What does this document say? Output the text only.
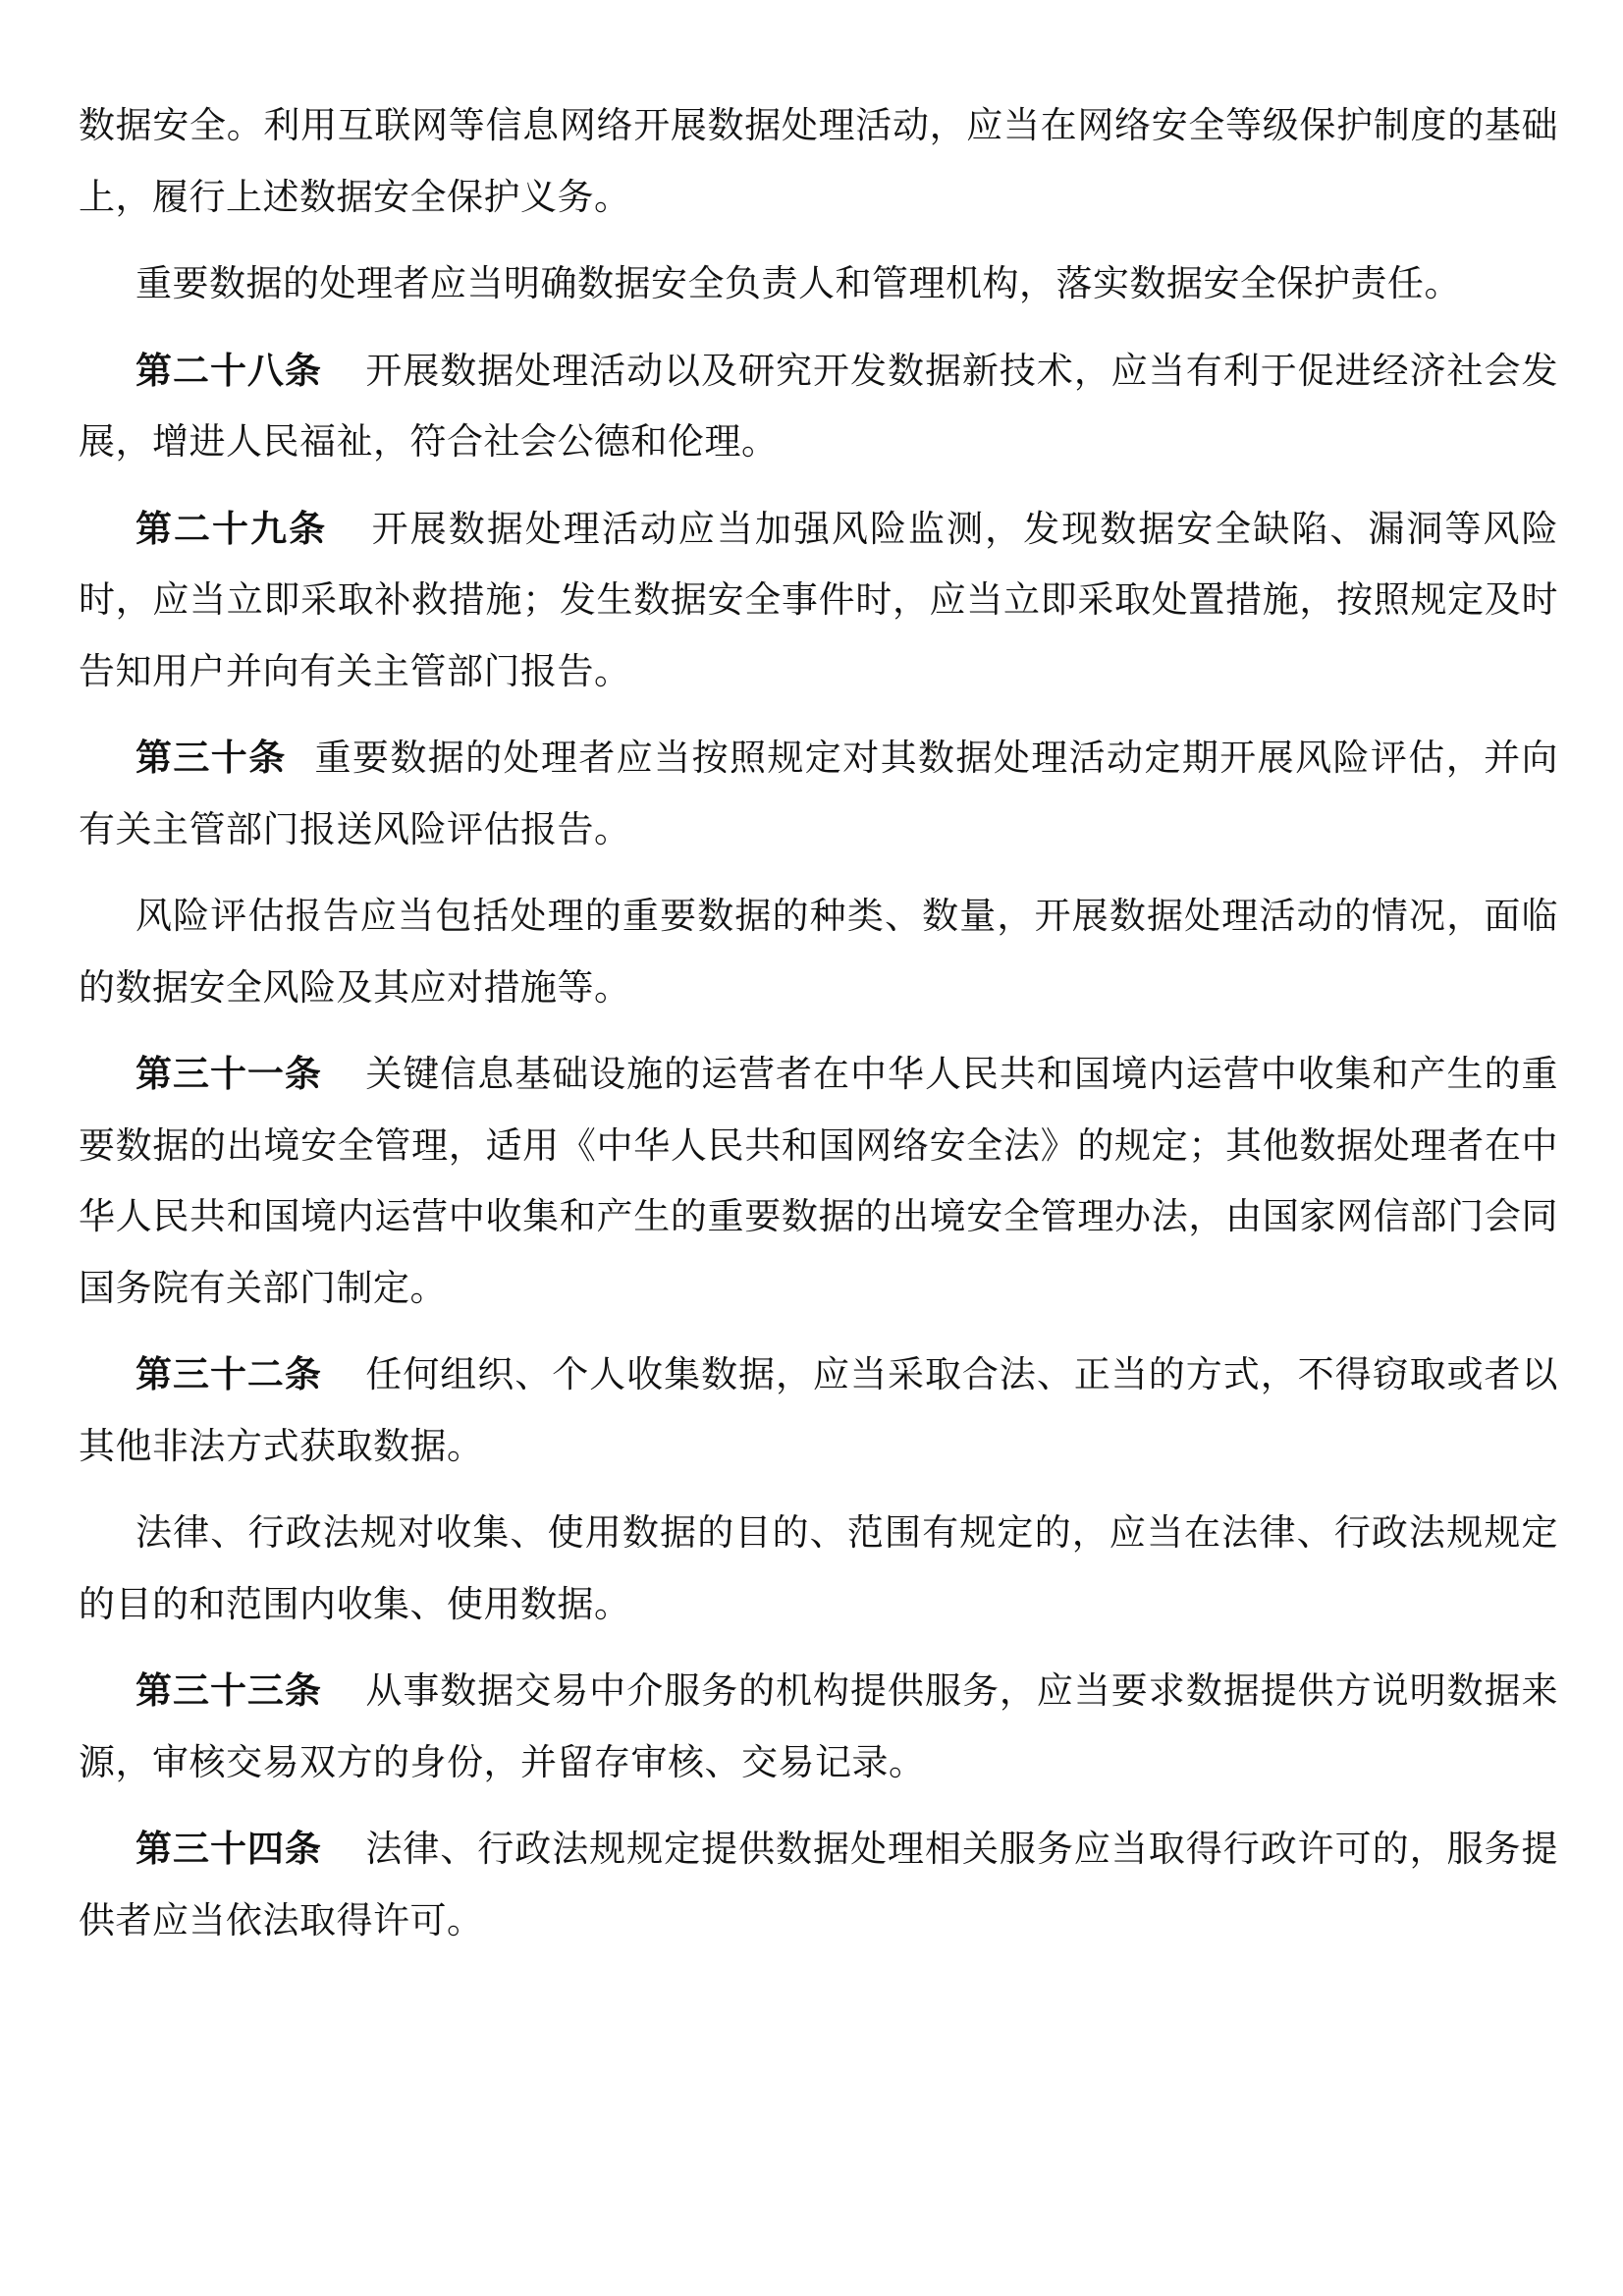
数据安全。利用互联网等信息网络开展数据处理活动，应当在网络安全等级保护制度的基础上，履行上述数据安全保护义务。

重要数据的处理者应当明确数据安全负责人和管理机构，落实数据安全保护责任。

第二十八条 开展数据处理活动以及研究开发数据新技术，应当有利于促进经济社会发展，增进人民福祉，符合社会公德和伦理。

第二十九条 开展数据处理活动应当加强风险监测，发现数据安全缺陷、漏洞等风险时，应当立即采取补救措施；发生数据安全事件时，应当立即采取处置措施，按照规定及时告知用户并向有关主管部门报告。

第三十条 重要数据的处理者应当按照规定对其数据处理活动定期开展风险评估，并向有关主管部门报送风险评估报告。

风险评估报告应当包括处理的重要数据的种类、数量，开展数据处理活动的情况，面临的数据安全风险及其应对措施等。

第三十一条 关键信息基础设施的运营者在中华人民共和国境内运营中收集和产生的重要数据的出境安全管理，适用《中华人民共和国网络安全法》的规定；其他数据处理者在中华人民共和国境内运营中收集和产生的重要数据的出境安全管理办法，由国家网信部门会同国务院有关部门制定。

第三十二条 任何组织、个人收集数据，应当采取合法、正当的方式，不得窃取或者以其他非法方式获取数据。

法律、行政法规对收集、使用数据的目的、范围有规定的，应当在法律、行政法规规定的目的和范围内收集、使用数据。

第三十三条 从事数据交易中介服务的机构提供服务，应当要求数据提供方说明数据来源，审核交易双方的身份，并留存审核、交易记录。

第三十四条 法律、行政法规规定提供数据处理相关服务应当取得行政许可的，服务提供者应当依法取得许可。
